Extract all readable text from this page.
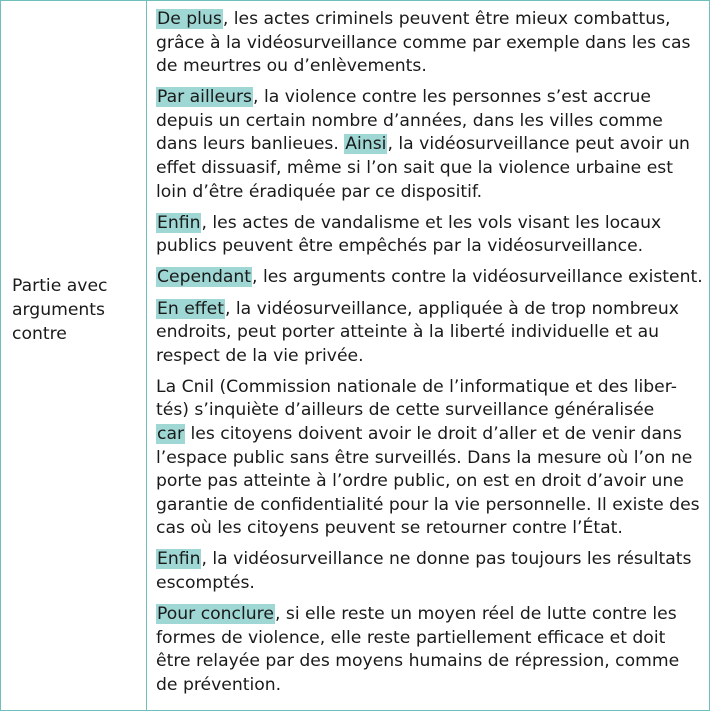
Partie avec
arguments
contre
De plus, les actes criminels peuvent être mieux combattus,
grâce à la vidéosurveillance comme par exemple dans les cas
de meurtres ou d’enlèvements.
Par ailleurs, la violence contre les personnes s’est accrue
depuis un certain nombre d’années, dans les villes comme
dans leurs banlieues. Ainsi, la vidéosurveillance peut avoir un
effet dissuasif, même si l’on sait que la violence urbaine est
loin d’être éradiquée par ce dispositif.
Enfin, les actes de vandalisme et les vols visant les locaux
publics peuvent être empêchés par la vidéosurveillance.
Cependant, les arguments contre la vidéosurveillance existent.
En effet, la vidéosurveillance, appliquée à de trop nombreux
endroits, peut porter atteinte à la liberté individuelle et au
respect de la vie privée.
La Cnil (Commission nationale de l’informatique et des liber-
tés) s’inquiète d’ailleurs de cette surveillance généralisée
car les citoyens doivent avoir le droit d’aller et de venir dans
l’espace public sans être surveillés. Dans la mesure où l’on ne
porte pas atteinte à l’ordre public, on est en droit d’avoir une
garantie de confidentialité pour la vie personnelle. Il existe des
cas où les citoyens peuvent se retourner contre l’État.
Enfin, la vidéosurveillance ne donne pas toujours les résultats
escomptés.
Pour conclure, si elle reste un moyen réel de lutte contre les
formes de violence, elle reste partiellement efficace et doit
être relayée par des moyens humains de répression, comme
de prévention.
